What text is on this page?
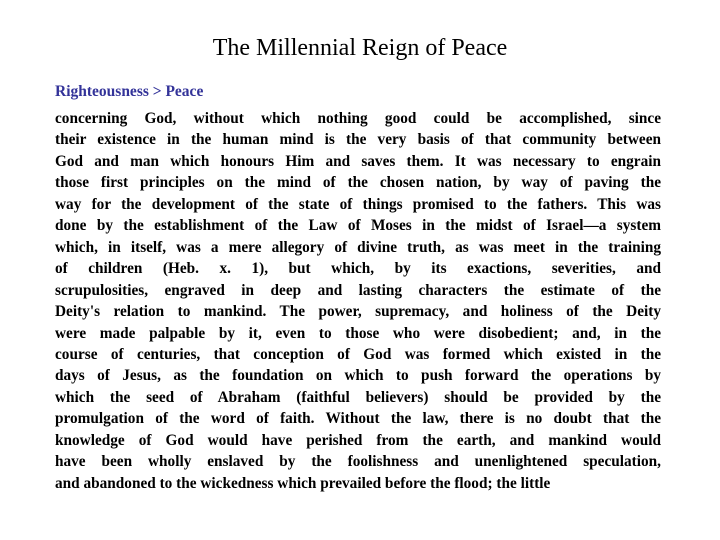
The Millennial Reign of Peace

Righteousness > Peace

concerning God, without which nothing good could be accomplished, since
their existence in the human mind is the very basis of that community between
God and man which honours Him and saves them. It was necessary to engrain
those first principles on the mind of the chosen nation, by way of paving the
way for the development of the state of things promised to the fathers. This was
done by the establishment of the Law of Moses in the midst of Israel—a system
which, in itself, was a mere allegory of divine truth, as was meet in the training
of children (Heb. x. 1), but which, by its exactions, severities, and
scrupulosities, engraved in deep and lasting characters the estimate of the
Deity's relation to mankind. The power, supremacy, and holiness of the Deity
were made palpable by it, even to those who were disobedient; and, in the
course of centuries, that conception of God was formed which existed in the
days of Jesus, as the foundation on which to push forward the operations by
which the seed of Abraham (faithful believers) should be provided by the
promulgation of the word of faith. Without the law, there is no doubt that the
knowledge of God would have perished from the earth, and mankind would
have been wholly enslaved by the foolishness and unenlightened speculation,
and abandoned to the wickedness which prevailed before the flood; the little
